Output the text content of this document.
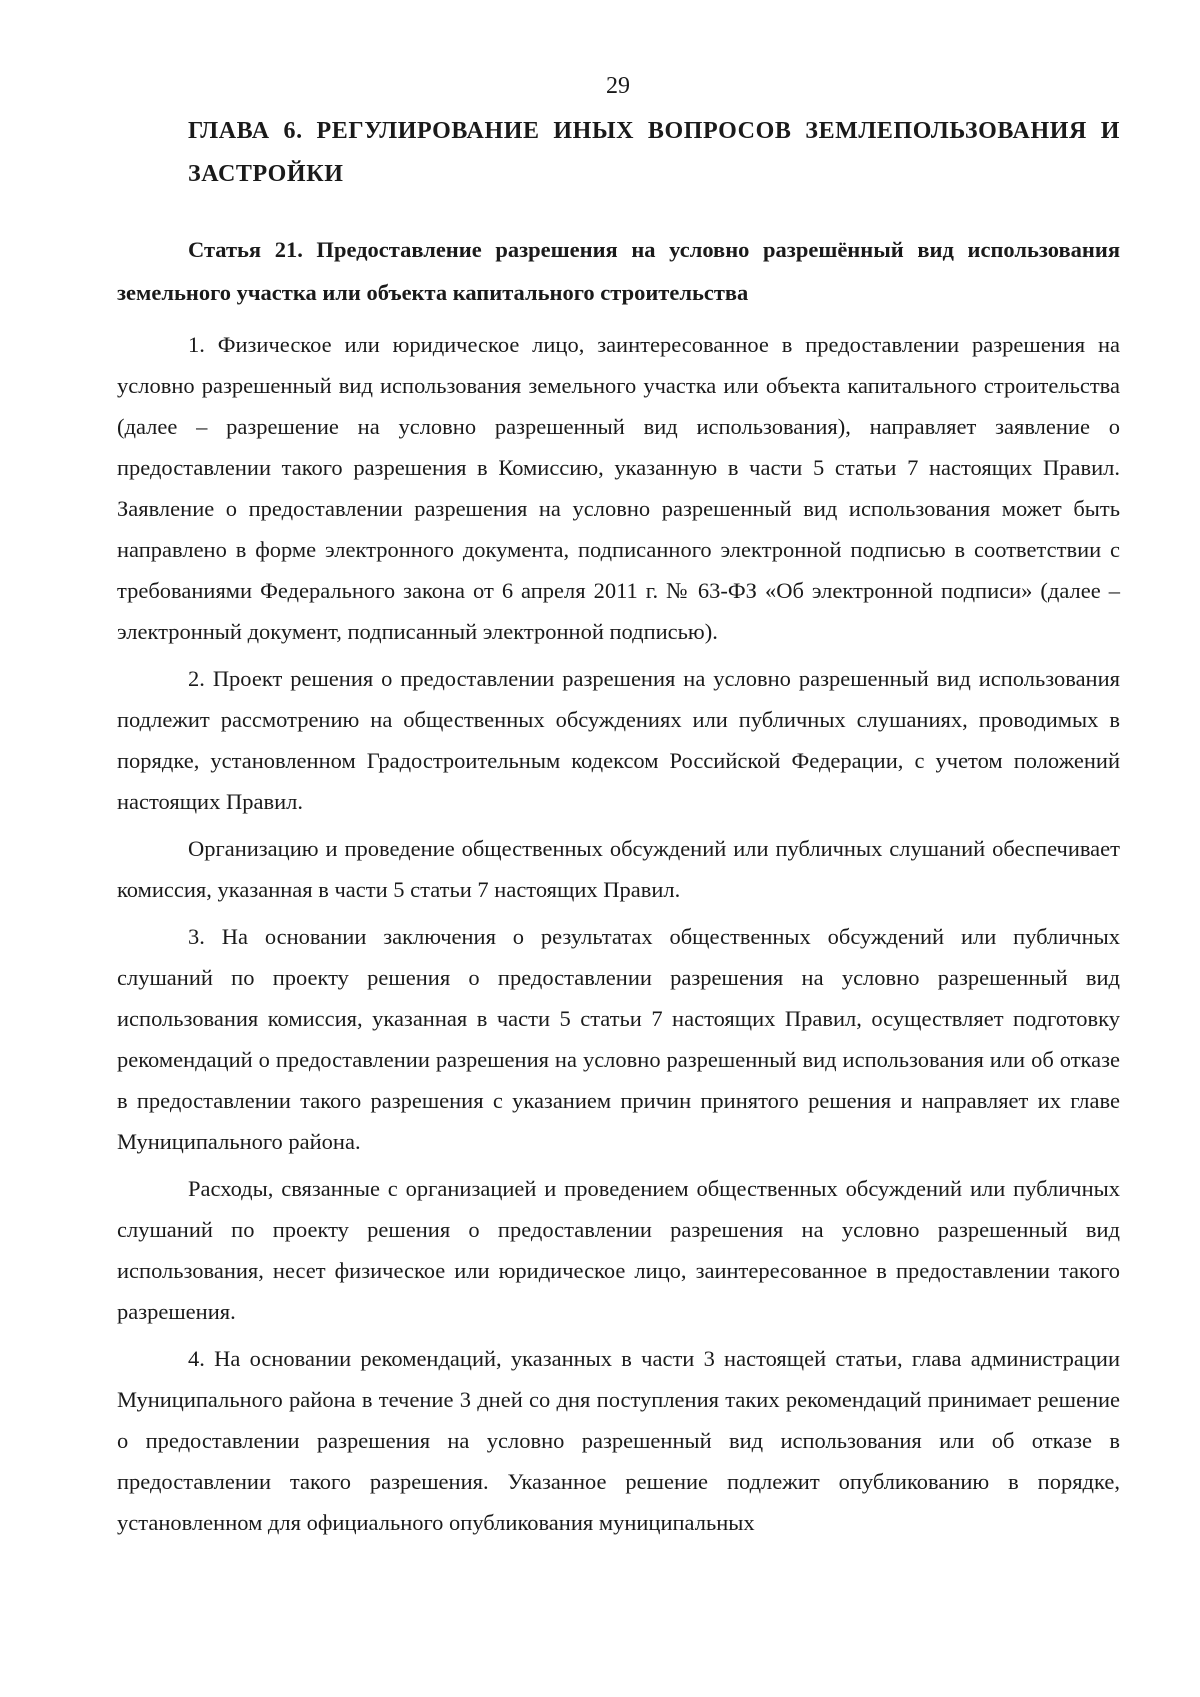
29
ГЛАВА 6. РЕГУЛИРОВАНИЕ ИНЫХ ВОПРОСОВ ЗЕМЛЕПОЛЬЗОВАНИЯ И ЗАСТРОЙКИ
Статья 21. Предоставление разрешения на условно разрешённый вид использования земельного участка или объекта капитального строительства

1. Физическое или юридическое лицо, заинтересованное в предоставлении разрешения на условно разрешенный вид использования земельного участка или объекта капитального строительства (далее – разрешение на условно разрешенный вид использования), направляет заявление о предоставлении такого разрешения в Комиссию, указанную в части 5 статьи 7 настоящих Правил. Заявление о предоставлении разрешения на условно разрешенный вид использования может быть направлено в форме электронного документа, подписанного электронной подписью в соответствии с требованиями Федерального закона от 6 апреля 2011 г. № 63-ФЗ «Об электронной подписи» (далее – электронный документ, подписанный электронной подписью).

2. Проект решения о предоставлении разрешения на условно разрешенный вид использования подлежит рассмотрению на общественных обсуждениях или публичных слушаниях, проводимых в порядке, установленном Градостроительным кодексом Российской Федерации, с учетом положений настоящих Правил.

Организацию и проведение общественных обсуждений или публичных слушаний обеспечивает комиссия, указанная в части 5 статьи 7 настоящих Правил.

3. На основании заключения о результатах общественных обсуждений или публичных слушаний по проекту решения о предоставлении разрешения на условно разрешенный вид использования комиссия, указанная в части 5 статьи 7 настоящих Правил, осуществляет подготовку рекомендаций о предоставлении разрешения на условно разрешенный вид использования или об отказе в предоставлении такого разрешения с указанием причин принятого решения и направляет их главе Муниципального района.

Расходы, связанные с организацией и проведением общественных обсуждений или публичных слушаний по проекту решения о предоставлении разрешения на условно разрешенный вид использования, несет физическое или юридическое лицо, заинтересованное в предоставлении такого разрешения.

4. На основании рекомендаций, указанных в части 3 настоящей статьи, глава администрации Муниципального района в течение 3 дней со дня поступления таких рекомендаций принимает решение о предоставлении разрешения на условно разрешенный вид использования или об отказе в предоставлении такого разрешения. Указанное решение подлежит опубликованию в порядке, установленном для официального опубликования муниципальных
